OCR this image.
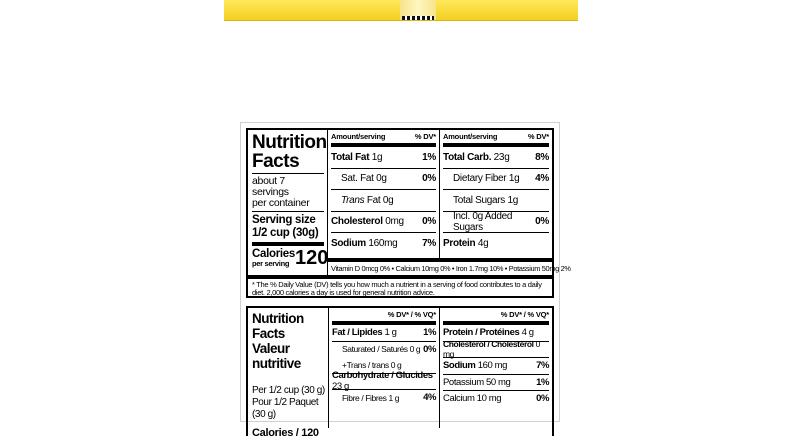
Nutrition
Facts
about 7 servings
per container
Serving size
1/2 cup (30g)
Calories
per serving 120
Amount/serving	% DV*
Total Fat 1g	1%
Sat. Fat 0g	0%
Trans Fat 0g
Cholesterol 0mg 0%
Sodium 160mg 7%
Amount/serving	% DV*
Total Carb. 23g	8%
Dietary Fiber 1g 4%
Total Sugars 1g
Incl. 0g Added Sugars	0%
Protein 4g
Vitamin D 0mcg 0% • Calcium 10mg 0% • Iron 1.7mg 10% • Potassium 50mg 2%
* The % Daily Value (DV) tells you how much a nutrient in a serving of food contributes to a daily diet. 2,000 calories a day is used for general nutrition advice.
Nutrition Facts
Valeur nutritive
Per 1/2 cup (30 g)
Pour 1/2 Paquet (30 g)
Calories / 120
% DV* / % VQ*
Fat / Lipides 1 g	1%
Saturated / Saturés 0 g 0%
+Trans / trans 0 g
Carbohydrate / Glucides 23 g
Fibre / Fibres 1 g	4%
% DV* / % VQ*
Protein / Protéines 4 g
Cholesterol / Cholestérol 0 mg
Sodium 160 mg	7%
Potassium 50 mg	1%
Calcium 10 mg	0%
